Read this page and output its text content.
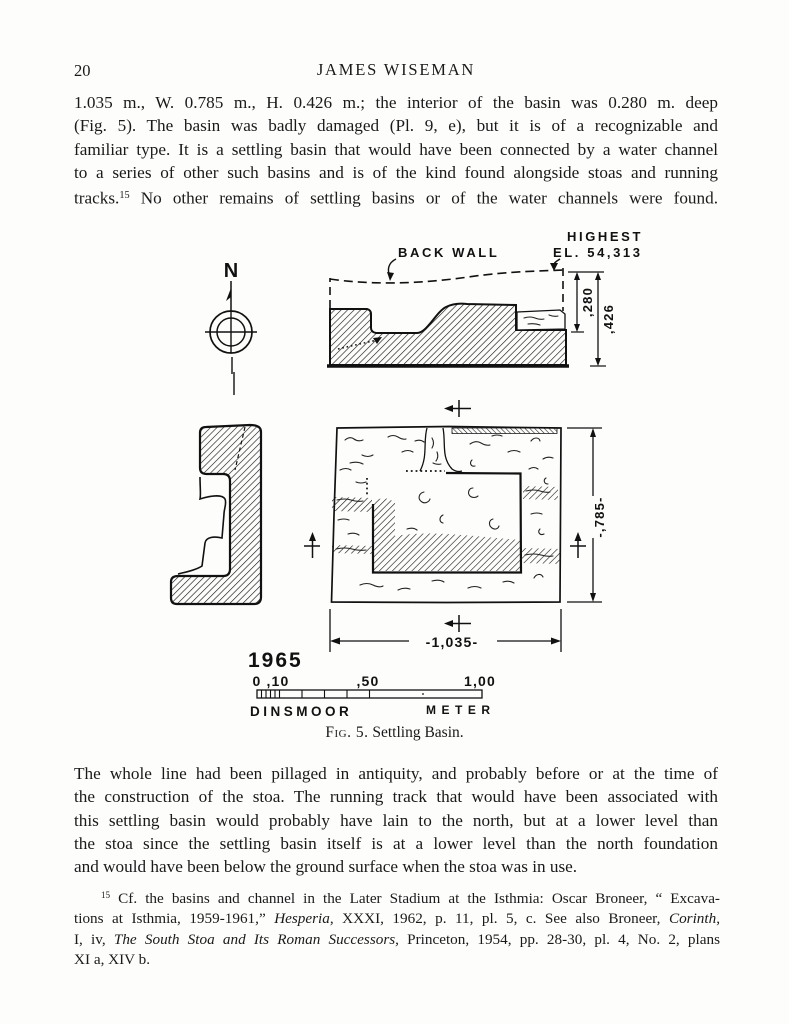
20	JAMES WISEMAN
1.035 m., W. 0.785 m., H. 0.426 m.; the interior of the basin was 0.280 m. deep
(Fig. 5). The basin was badly damaged (Pl. 9, e), but it is of a recognizable and
familiar type. It is a settling basin that would have been connected by a water channel
to a series of other such basins and is of the kind found alongside stoas and running
tracks.$^{15}$ No other remains of settling basins or of the water channels were found.
N
BACK WALL
HIGHEST
EL. 54,313
,280
,426
-,785-
-1,035-
1965
0 ,10	,50	1,00
DINSMOOR	METER
Fig. 5. Settling Basin.
The whole line had been pillaged in antiquity, and probably before or at the time of
the construction of the stoa. The running track that would have been associated with
this settling basin would probably have lain to the north, but at a lower level than
the stoa since the settling basin itself is at a lower level than the north foundation
and would have been below the ground surface when the stoa was in use.
$^{15}$ Cf. the basins and channel in the Later Stadium at the Isthmia: Oscar Broneer, “ Excava-
tions at Isthmia, 1959-1961,” Hesperia, XXXI, 1962, p. 11, pl. 5, c. See also Broneer, Corinth,
I, iv, The South Stoa and Its Roman Successors, Princeton, 1954, pp. 28-30, pl. 4, No. 2, plans
XI a, XIV b.
